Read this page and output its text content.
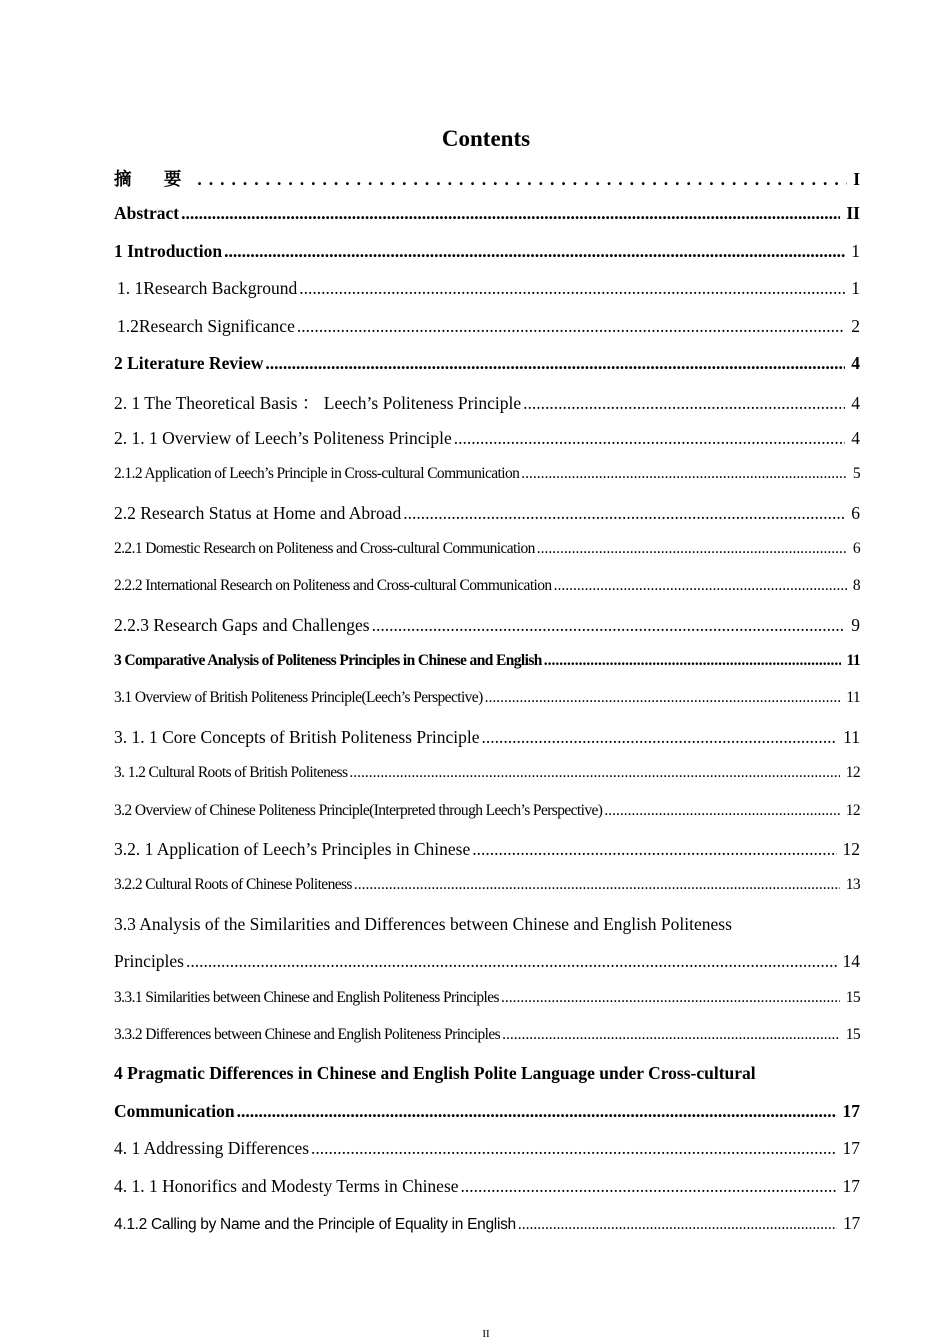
Contents
摘 要 .....	I
Abstract .....	II
1 Introduction .....	1
1. 1Research Background .....	1
1.2Research Significance .....	2
2 Literature Review .....	4
2. 1 The Theoretical Basis ： Leech’s Politeness Principle .....	4
2. 1. 1 Overview of Leech’s Politeness Principle .....	4
2.1.2 Application of Leech’s Principle in Cross-cultural Communication .....	5
2.2 Research Status at Home and Abroad .....	6
2.2.1 Domestic Research on Politeness and Cross-cultural Communication .....	6
2.2.2 International Research on Politeness and Cross-cultural Communication .....	8
2.2.3 Research Gaps and Challenges .....	9
3 Comparative Analysis of Politeness Principles in Chinese and English .....	11
3.1 Overview of British Politeness Principle(Leech’s Perspective) .....	11
3. 1. 1 Core Concepts of British Politeness Principle .....	11
3. 1.2 Cultural Roots of British Politeness .....	12
3.2 Overview of Chinese Politeness Principle(Interpreted through Leech’s Perspective) .....	12
3.2. 1 Application of Leech’s Principles in Chinese .....	12
3.2.2 Cultural Roots of Chinese Politeness .....	13
3.3 Analysis of the Similarities and Differences between Chinese and English Politeness
Principles .....	14
3.3.1 Similarities between Chinese and English Politeness Principles .....	15
3.3.2 Differences between Chinese and English Politeness Principles .....	15
4 Pragmatic Differences in Chinese and English Polite Language under Cross-cultural
Communication .....	17
4. 1 Addressing Differences .....	17
4. 1. 1 Honorifics and Modesty Terms in Chinese .....	17
4.1.2 Calling by Name and the Principle of Equality in English .....	17
II
